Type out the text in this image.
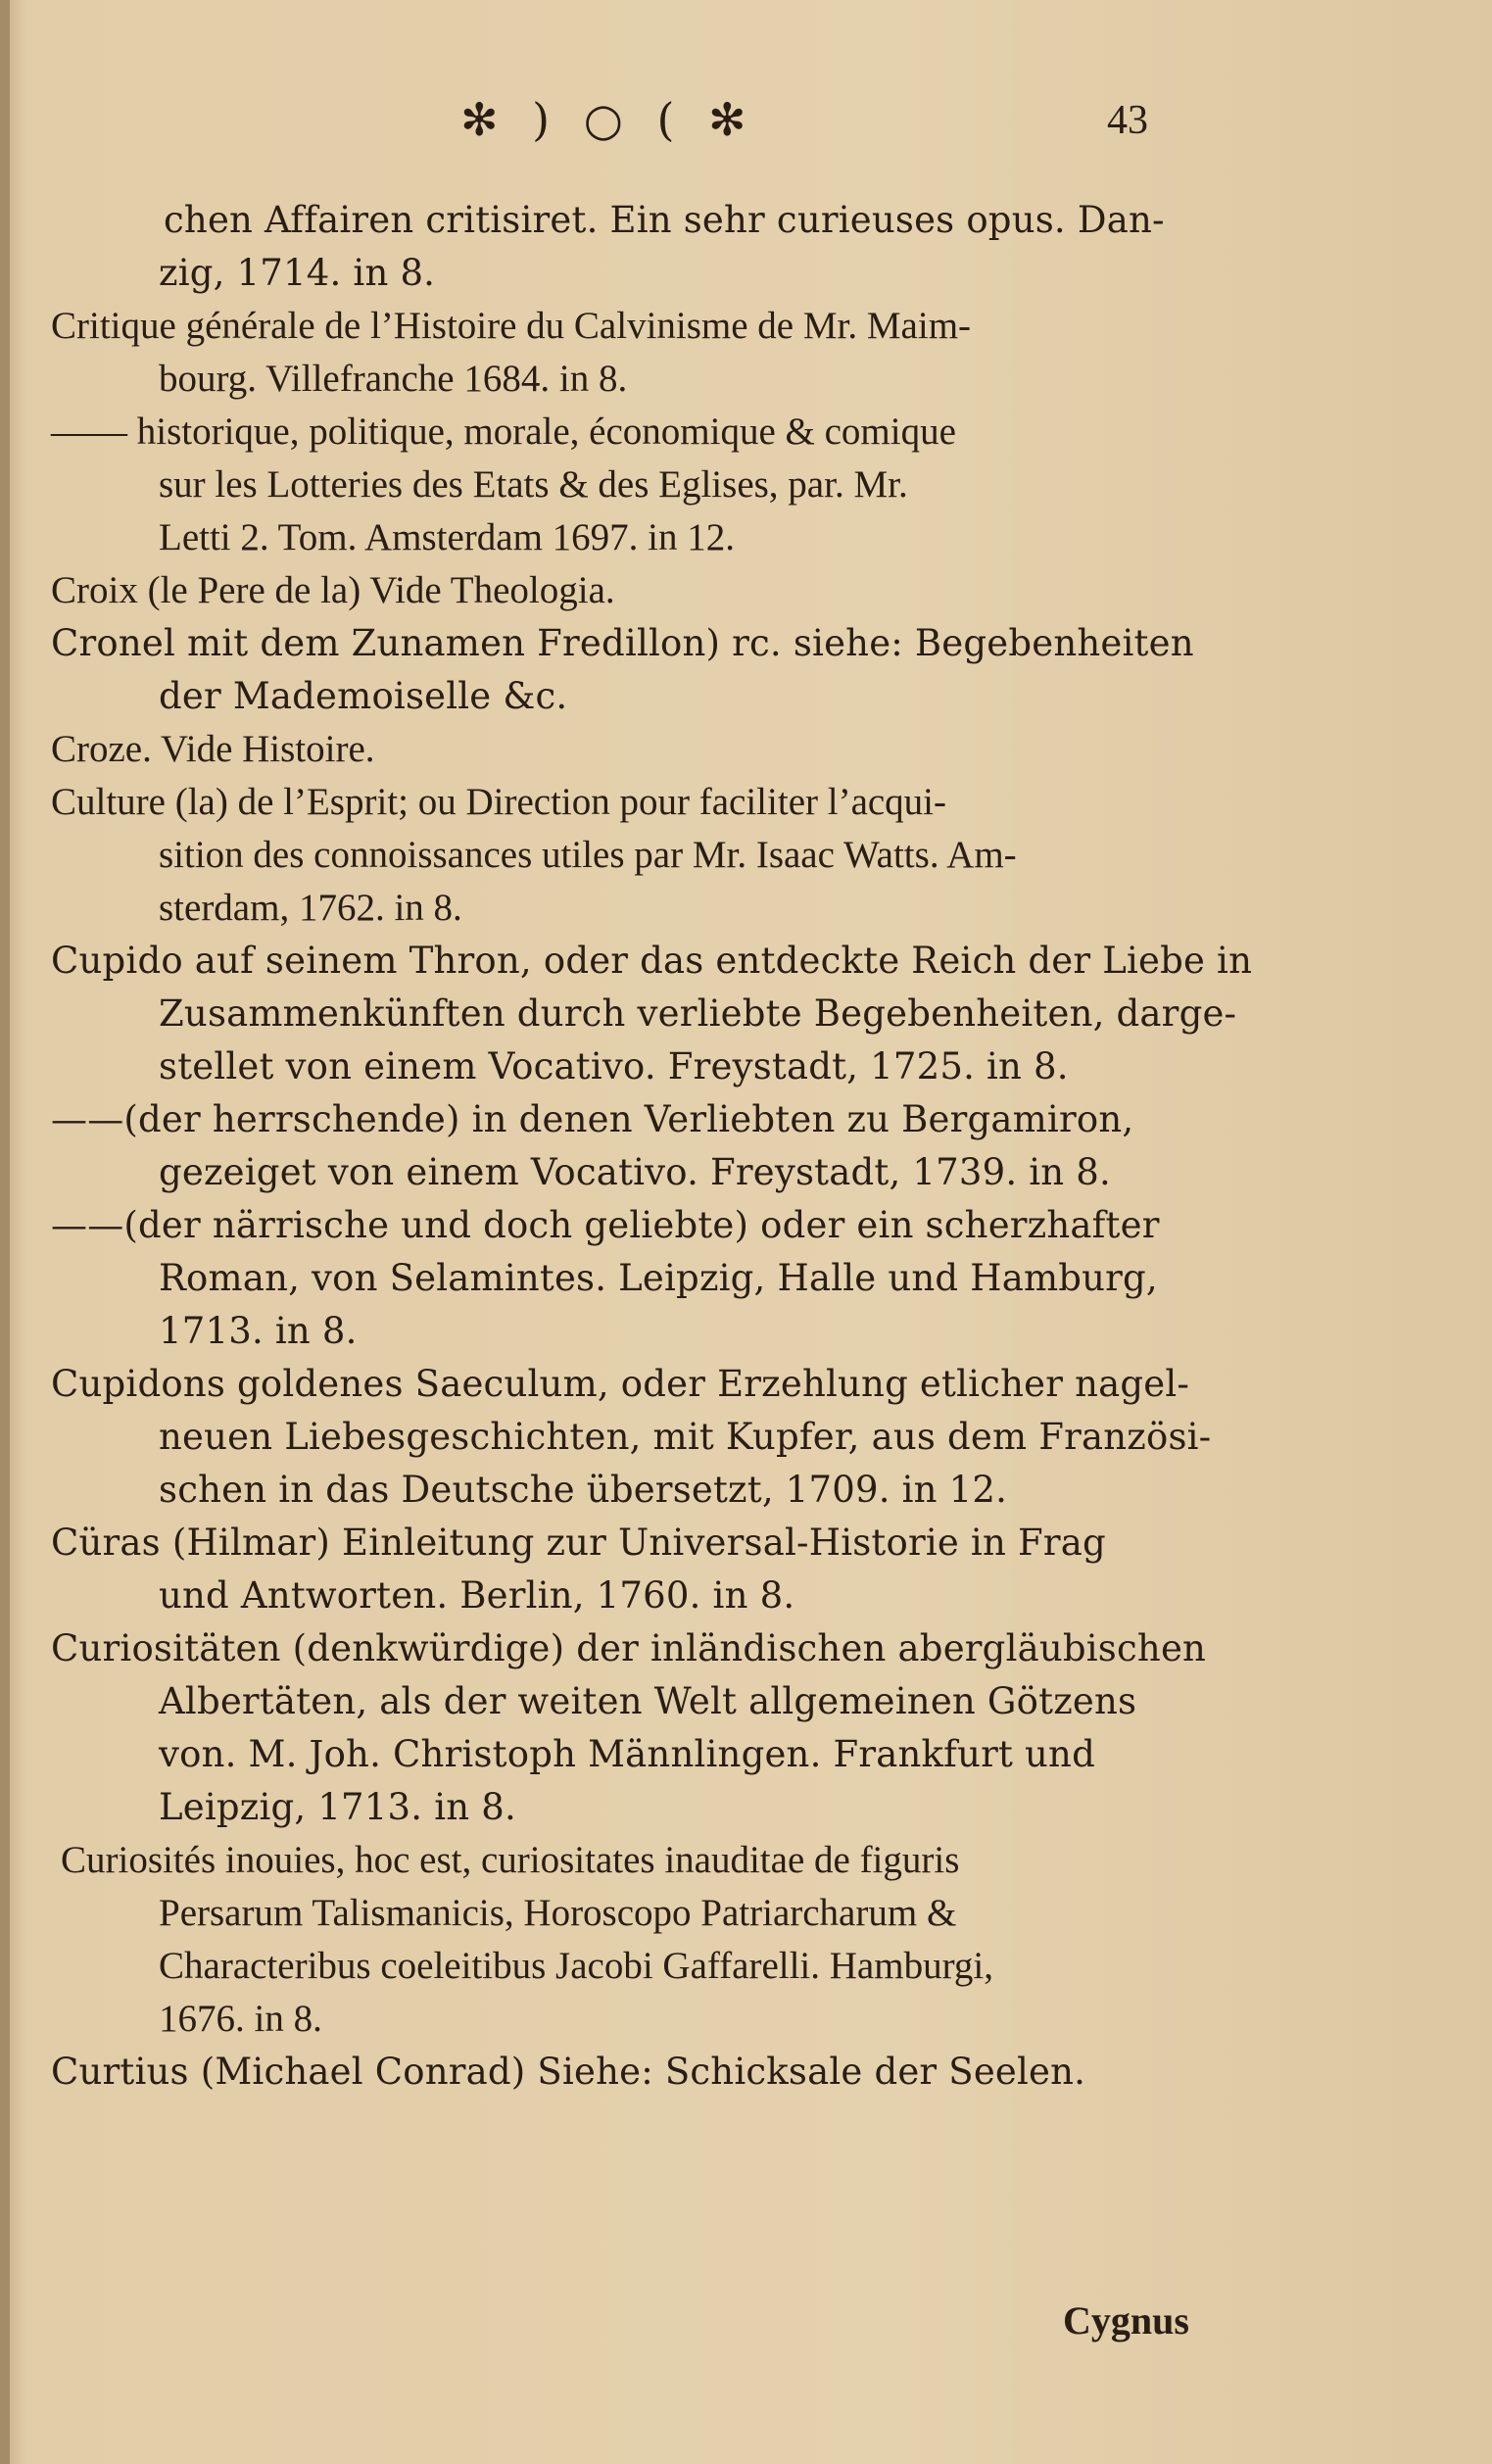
✻ ) ○ ( ✻	43
chen Affairen critisiret. Ein sehr curieuses opus. Dan-
zig, 1714. in 8.
Critique générale de l’Histoire du Calvinisme de Mr. Maim-
bourg. Villefranche 1684. in 8.
—— historique, politique, morale, économique & comique
sur les Lotteries des Etats & des Eglises, par. Mr.
Letti 2. Tom. Amsterdam 1697. in 12.
Croix (le Pere de la) Vide Theologia.
Cronel mit dem Zunamen Fredillon) rc. siehe: Begebenheiten
der Mademoiselle &c.
Croze. Vide Histoire.
Culture (la) de l’Esprit; ou Direction pour faciliter l’acqui-
sition des connoissances utiles par Mr. Isaac Watts. Am-
sterdam, 1762. in 8.
Cupido auf seinem Thron, oder das entdeckte Reich der Liebe in
Zusammenkünften durch verliebte Begebenheiten, darge-
stellet von einem Vocativo. Freystadt, 1725. in 8.
——(der herrschende) in denen Verliebten zu Bergamiron,
gezeiget von einem Vocativo. Freystadt, 1739. in 8.
——(der närrische und doch geliebte) oder ein scherzhafter
Roman, von Selamintes. Leipzig, Halle und Hamburg,
1713. in 8.
Cupidons goldenes Saeculum, oder Erzehlung etlicher nagel-
neuen Liebesgeschichten, mit Kupfer, aus dem Französi-
schen in das Deutsche übersetzt, 1709. in 12.
Cüras (Hilmar) Einleitung zur Universal-Historie in Frag
und Antworten. Berlin, 1760. in 8.
Curiositäten (denkwürdige) der inländischen abergläubischen
Albertäten, als der weiten Welt allgemeinen Götzens
von. M. Joh. Christoph Männlingen. Frankfurt und
Leipzig, 1713. in 8.
Curiosités inouies, hoc est, curiositates inauditae de figuris
Persarum Talismanicis, Horoscopo Patriarcharum &
Characteribus coeleitibus Jacobi Gaffarelli. Hamburgi,
1676. in 8.
Curtius (Michael Conrad) Siehe: Schicksale der Seelen.
Cygnus
